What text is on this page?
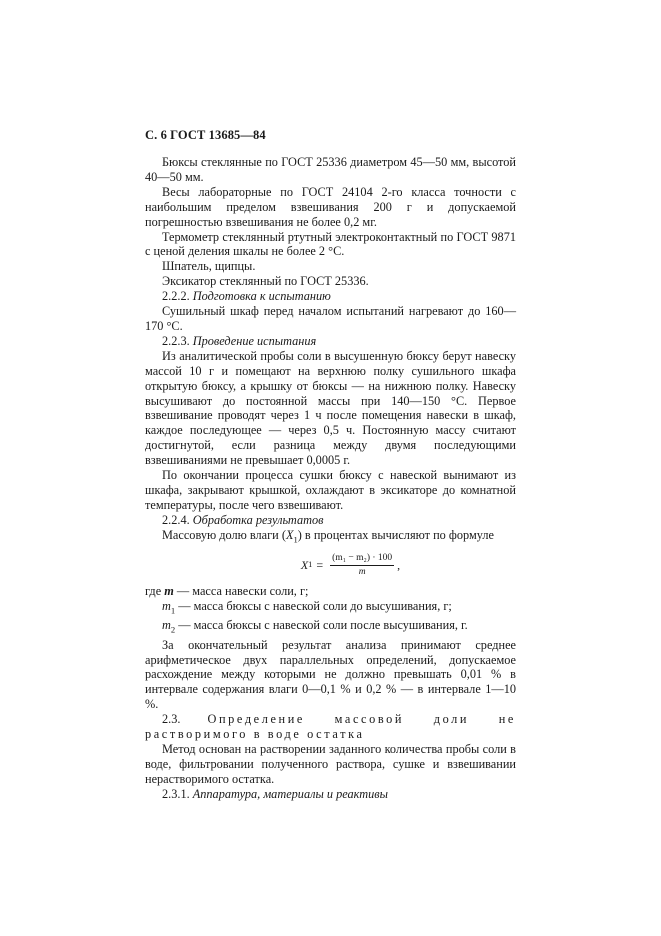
С. 6 ГОСТ 13685—84

Бюксы стеклянные по ГОСТ 25336 диаметром 45—50 мм, высотой 40—50 мм.

Весы лабораторные по ГОСТ 24104 2-го класса точности с наибольшим пределом взвешивания 200 г и допускаемой погрешностью взвешивания не более 0,2 мг.

Термометр стеклянный ртутный электроконтактный по ГОСТ 9871 с ценой деления шкалы не более 2 °С.

Шпатель, щипцы.

Эксикатор стеклянный по ГОСТ 25336.

2.2.2. Подготовка к испытанию

Сушильный шкаф перед началом испытаний нагревают до 160—170 °С.

2.2.3. Проведение испытания

Из аналитической пробы соли в высушенную бюксу берут навеску массой 10 г и помещают на верхнюю полку сушильного шкафа открытую бюксу, а крышку от бюксы — на нижнюю полку. Навеску высушивают до постоянной массы при 140—150 °С. Первое взвешивание проводят через 1 ч после помещения навески в шкаф, каждое последующее — через 0,5 ч. Постоянную массу считают достигнутой, если разница между двумя последующими взвешиваниями не превышает 0,0005 г.

По окончании процесса сушки бюксу с навеской вынимают из шкафа, закрывают крышкой, охлаждают в эксикаторе до комнатной температуры, после чего взвешивают.

2.2.4. Обработка результатов

Массовую долю влаги $(X_1)$ в процентах вычисляют по формуле

X $1 = \frac{\text{(m₁ − m₂) · 100}}{m}$ ,

где m — масса навески соли, г;

$m_1$ — масса бюксы с навеской соли до высушивания, г;

$m_2$ — масса бюксы с навеской соли после высушивания, г.

За окончательный результат анализа принимают среднее арифметическое двух параллельных определений, допускаемое расхождение между которыми не должно превышать 0,01 % в интервале содержания влаги 0—0,1 % и 0,2 % — в интервале 1—10 %.

2.3. Определение массовой доли не растворимого в воде остатка

Метод основан на растворении заданного количества пробы соли в воде, фильтровании полученного раствора, сушке и взвешивании нерастворимого остатка.

2.3.1. Аппаратура, материалы и реактивы
